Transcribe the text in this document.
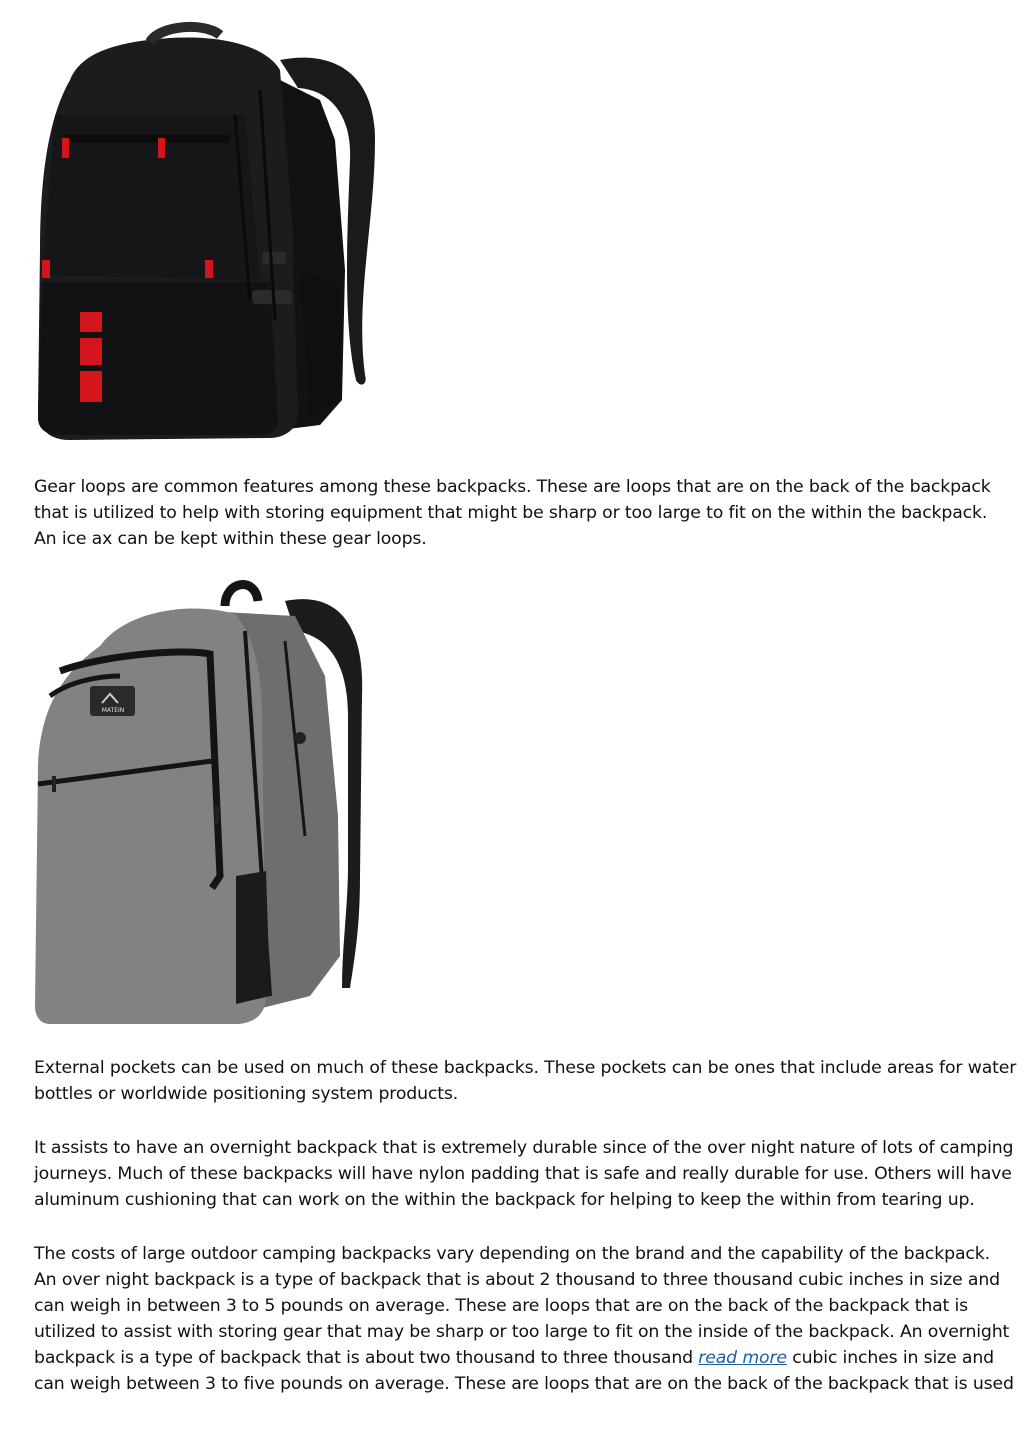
Gear loops are common features among these backpacks. These are loops that are on the back of the backpack
that is utilized to help with storing equipment that might be sharp or too large to fit on the within the backpack.
An ice ax can be kept within these gear loops.

MATEIN

External pockets can be used on much of these backpacks. These pockets can be ones that include areas for water
bottles or worldwide positioning system products.

It assists to have an overnight backpack that is extremely durable since of the over night nature of lots of camping
journeys. Much of these backpacks will have nylon padding that is safe and really durable for use. Others will have
aluminum cushioning that can work on the within the backpack for helping to keep the within from tearing up.

The costs of large outdoor camping backpacks vary depending on the brand and the capability of the backpack.
An over night backpack is a type of backpack that is about 2 thousand to three thousand cubic inches in size and
can weigh in between 3 to 5 pounds on average. These are loops that are on the back of the backpack that is
utilized to assist with storing gear that may be sharp or too large to fit on the inside of the backpack. An overnight
backpack is a type of backpack that is about two thousand to three thousand read more cubic inches in size and
can weigh between 3 to five pounds on average. These are loops that are on the back of the backpack that is used
